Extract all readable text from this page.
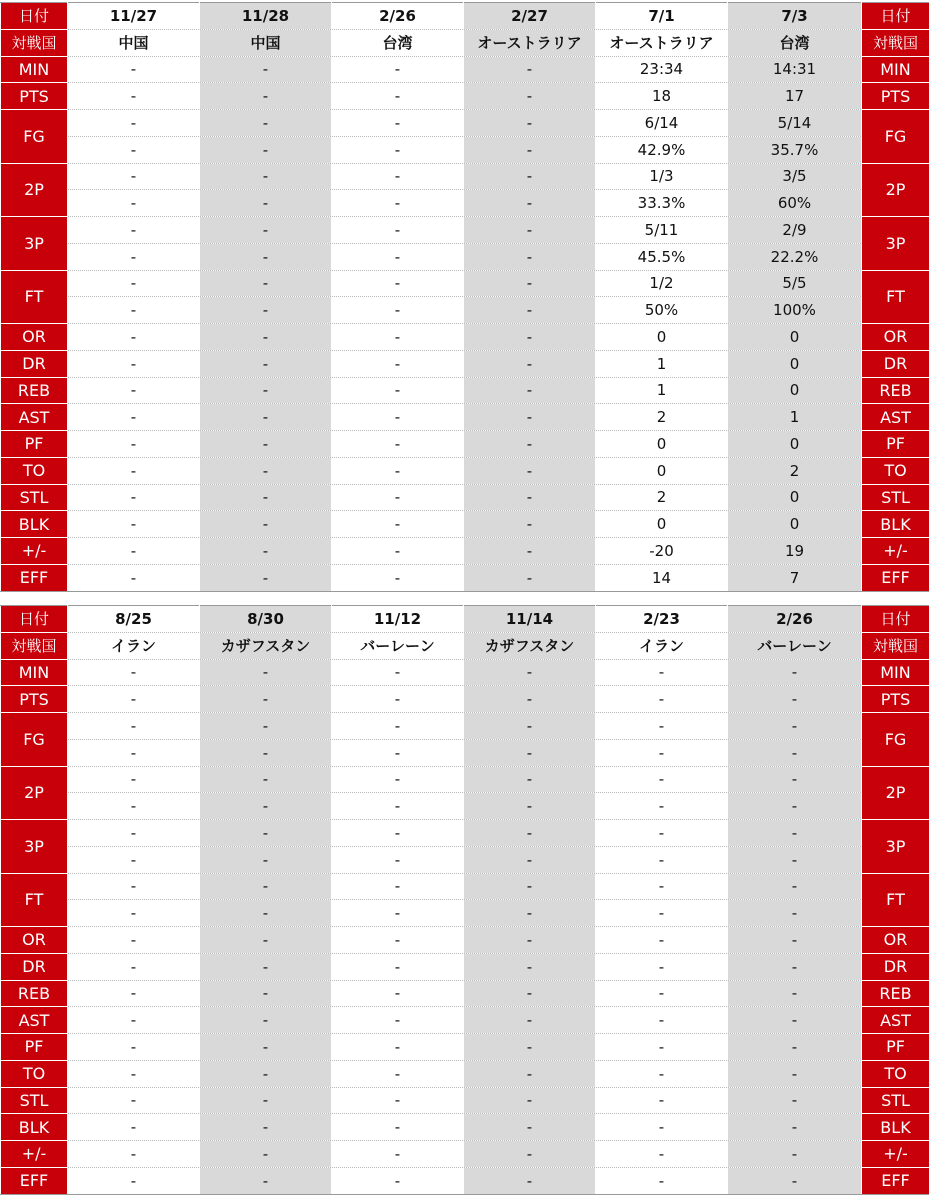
日付	11/27	11/28	2/26	2/27	7/1	7/3	日付
対戦国	中国	中国	台湾	オーストラリア	オーストラリア	台湾	対戦国
MIN	-	-	-	-	23:34	14:31	MIN
PTS	-	-	-	-	18	17	PTS
FG	-	-	-	-	6/14	5/14	FG
	-	-	-	-	42.9%	35.7%	
2P	-	-	-	-	1/3	3/5	2P
	-	-	-	-	33.3%	60%	
3P	-	-	-	-	5/11	2/9	3P
	-	-	-	-	45.5%	22.2%	
FT	-	-	-	-	1/2	5/5	FT
	-	-	-	-	50%	100%	
OR	-	-	-	-	0	0	OR
DR	-	-	-	-	1	0	DR
REB	-	-	-	-	1	0	REB
AST	-	-	-	-	2	1	AST
PF	-	-	-	-	0	0	PF
TO	-	-	-	-	0	2	TO
STL	-	-	-	-	2	0	STL
BLK	-	-	-	-	0	0	BLK
+/-	-	-	-	-	-20	19	+/-
EFF	-	-	-	-	14	7	EFF
日付	8/25	8/30	11/12	11/14	2/23	2/26	日付
対戦国	イラン	カザフスタン	バーレーン	カザフスタン	イラン	バーレーン	対戦国
MIN	-	-	-	-	-	-	MIN
PTS	-	-	-	-	-	-	PTS
FG	-	-	-	-	-	-	FG
	-	-	-	-	-	-	
2P	-	-	-	-	-	-	2P
	-	-	-	-	-	-	
3P	-	-	-	-	-	-	3P
	-	-	-	-	-	-	
FT	-	-	-	-	-	-	FT
	-	-	-	-	-	-	
OR	-	-	-	-	-	-	OR
DR	-	-	-	-	-	-	DR
REB	-	-	-	-	-	-	REB
AST	-	-	-	-	-	-	AST
PF	-	-	-	-	-	-	PF
TO	-	-	-	-	-	-	TO
STL	-	-	-	-	-	-	STL
BLK	-	-	-	-	-	-	BLK
+/-	-	-	-	-	-	-	+/-
EFF	-	-	-	-	-	-	EFF
